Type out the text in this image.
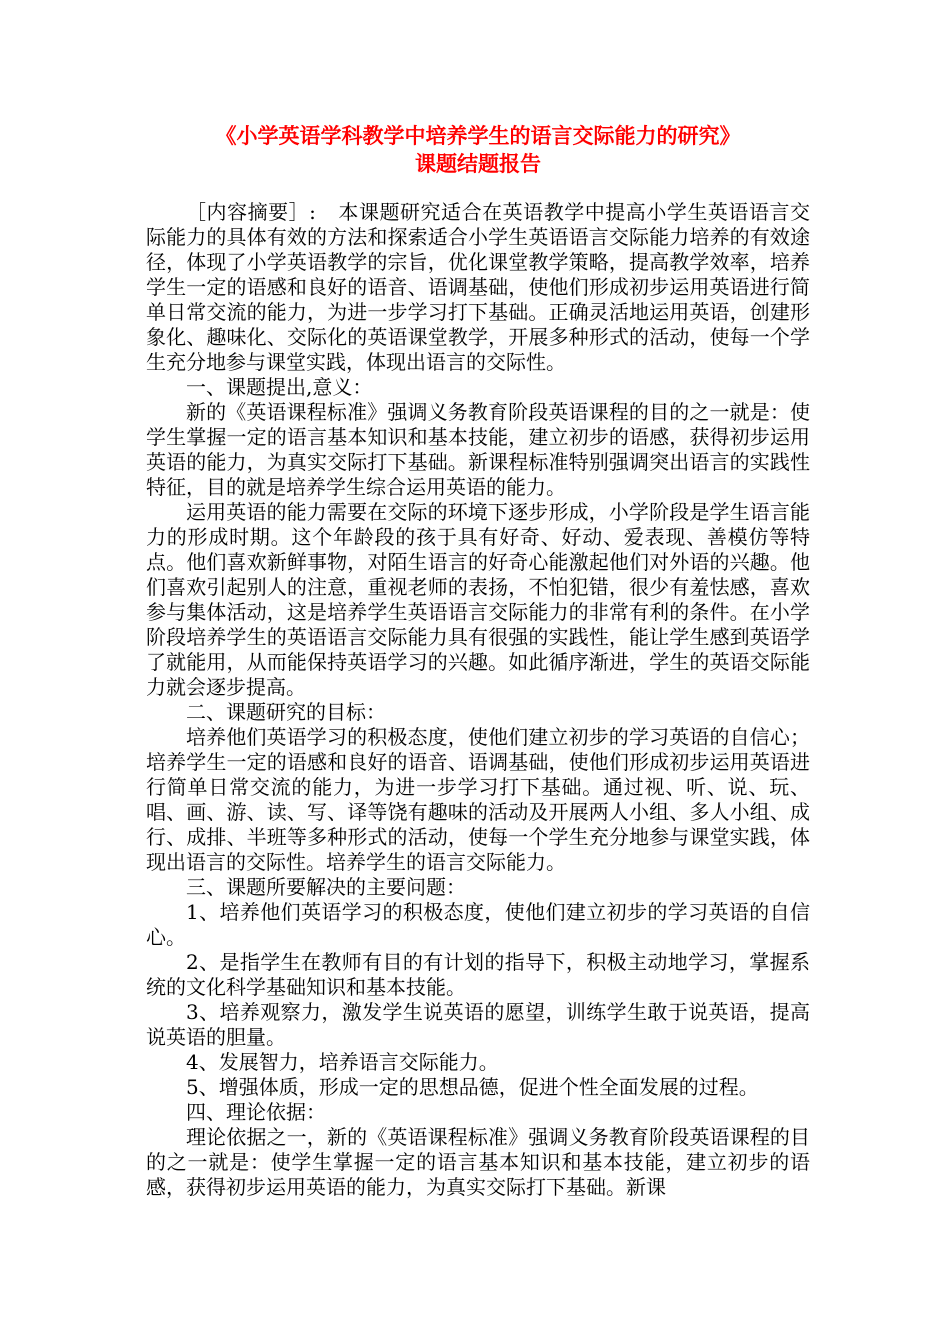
《小学英语学科教学中培养学生的语言交际能力的研究》

课题结题报告

［内容摘要］: 本课题研究适合在英语教学中提高小学生英语语言交际能力的具体有效的方法和探索适合小学生英语语言交际能力培养的有效途径，体现了小学英语教学的宗旨，优化课堂教学策略，提高教学效率，培养学生一定的语感和良好的语音、语调基础，使他们形成初步运用英语进行简单日常交流的能力，为进一步学习打下基础。正确灵活地运用英语，创建形象化、趣味化、交际化的英语课堂教学，开展多种形式的活动，使每一个学生充分地参与课堂实践，体现出语言的交际性。

一、课题提出,意义：

新的《英语课程标准》强调义务教育阶段英语课程的目的之一就是：使学生掌握一定的语言基本知识和基本技能，建立初步的语感，获得初步运用英语的能力，为真实交际打下基础。新课程标准特别强调突出语言的实践性特征，目的就是培养学生综合运用英语的能力。

运用英语的能力需要在交际的环境下逐步形成，小学阶段是学生语言能力的形成时期。这个年龄段的孩于具有好奇、好动、爱表现、善模仿等特点。他们喜欢新鲜事物，对陌生语言的好奇心能激起他们对外语的兴趣。他们喜欢引起别人的注意，重视老师的表扬，不怕犯错，很少有羞怯感，喜欢参与集体活动，这是培养学生英语语言交际能力的非常有利的条件。在小学阶段培养学生的英语语言交际能力具有很强的实践性，能让学生感到英语学了就能用，从而能保持英语学习的兴趣。如此循序渐进，学生的英语交际能力就会逐步提高。

二、课题研究的目标：

培养他们英语学习的积极态度，使他们建立初步的学习英语的自信心；培养学生一定的语感和良好的语音、语调基础，使他们形成初步运用英语进行简单日常交流的能力，为进一步学习打下基础。通过视、听、说、玩、唱、画、游、读、写、译等饶有趣味的活动及开展两人小组、多人小组、成行、成排、半班等多种形式的活动，使每一个学生充分地参与课堂实践，体现出语言的交际性。培养学生的语言交际能力。

三、课题所要解决的主要问题：

1、培养他们英语学习的积极态度，使他们建立初步的学习英语的自信心。

2、是指学生在教师有目的有计划的指导下，积极主动地学习，掌握系统的文化科学基础知识和基本技能。

3、培养观察力，激发学生说英语的愿望，训练学生敢于说英语，提高说英语的胆量。

4、发展智力，培养语言交际能力。

5、增强体质，形成一定的思想品德，促进个性全面发展的过程。

四、理论依据：

理论依据之一，新的《英语课程标准》强调义务教育阶段英语课程的目的之一就是：使学生掌握一定的语言基本知识和基本技能，建立初步的语感，获得初步运用英语的能力，为真实交际打下基础。新课
